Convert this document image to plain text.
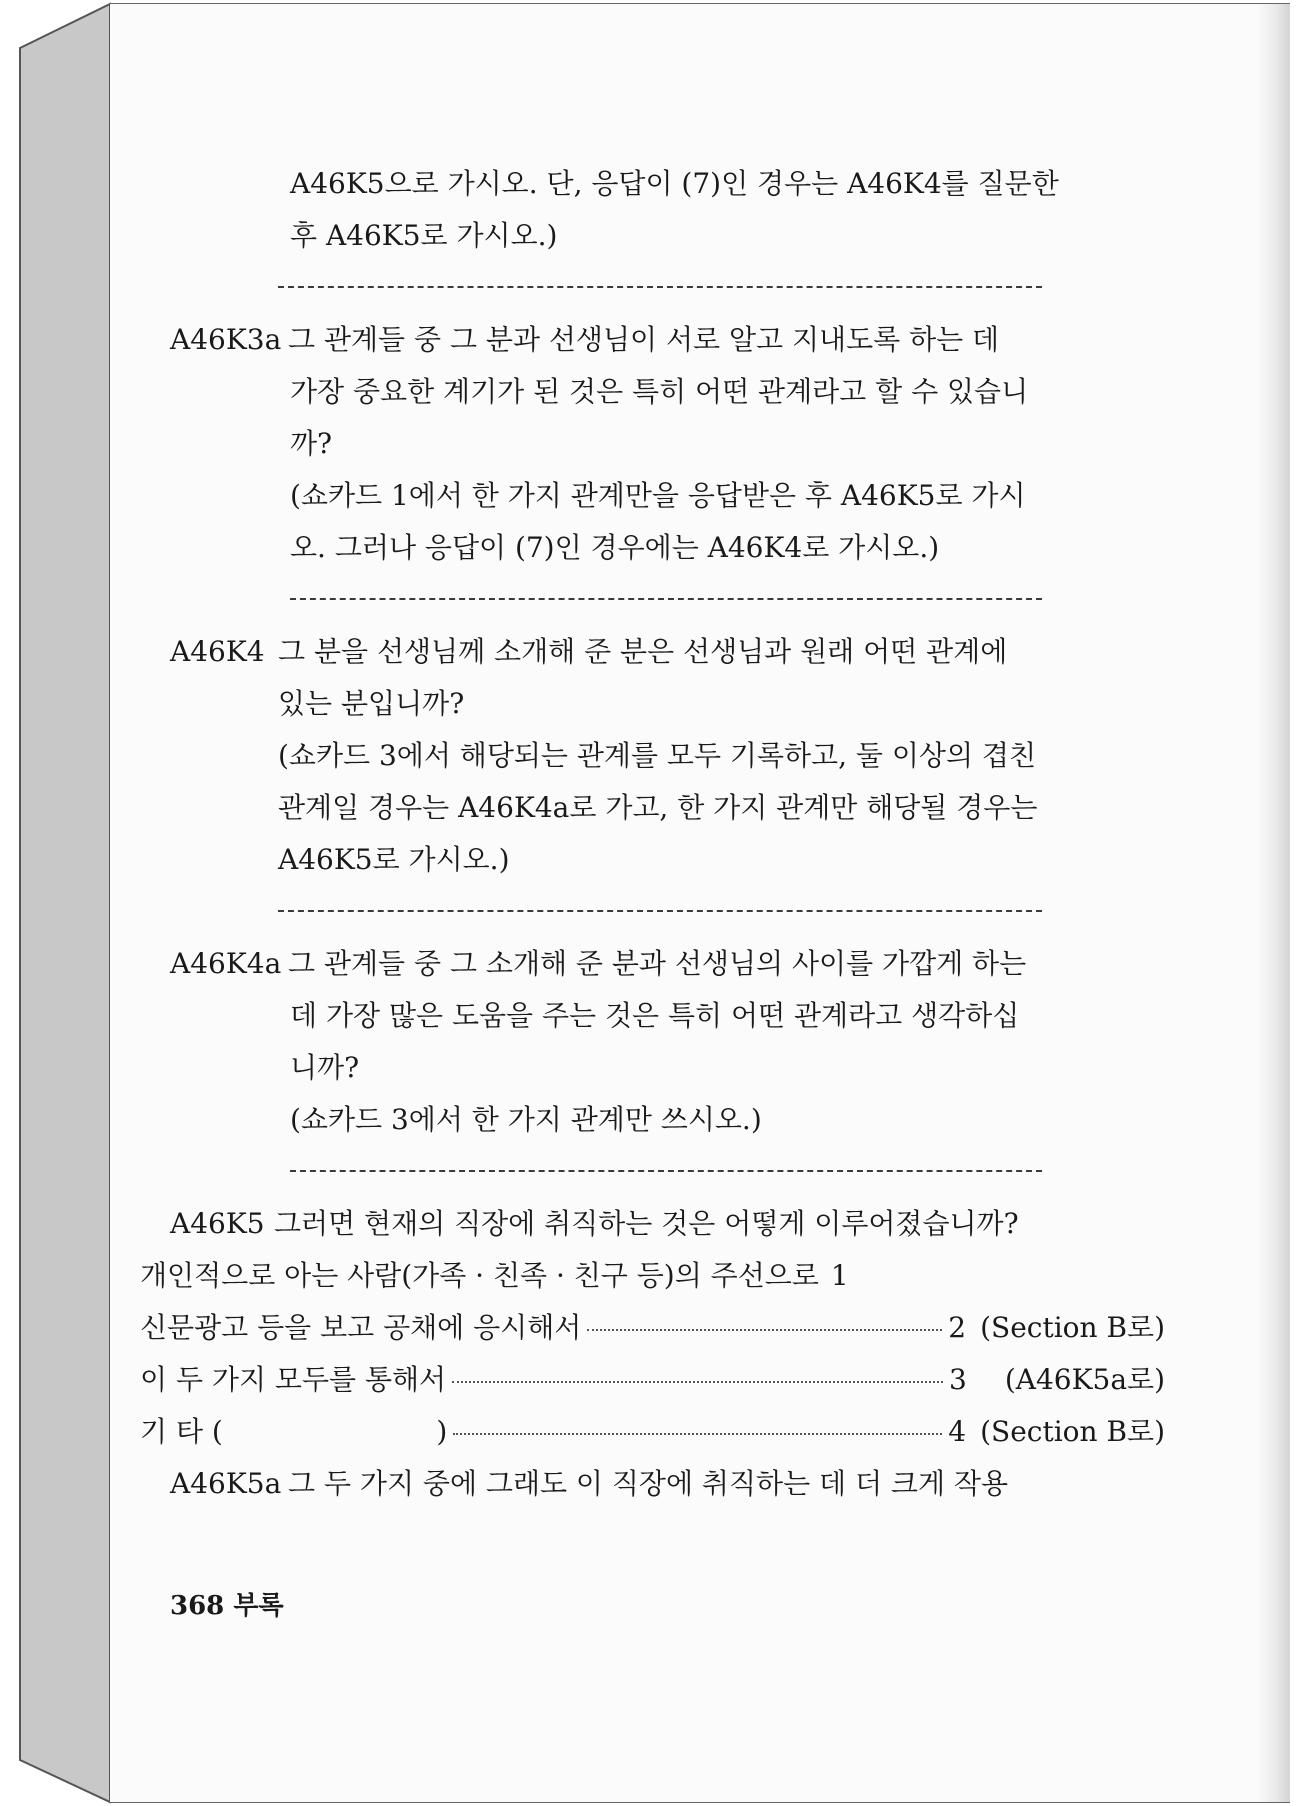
A46K5으로 가시오. 단, 응답이 (7)인 경우는 A46K4를 질문한
후 A46K5로 가시오.)
A46K3a 그 관계들 중 그 분과 선생님이 서로 알고 지내도록 하는 데
가장 중요한 계기가 된 것은 특히 어떤 관계라고 할 수 있습니
까?
(쇼카드 1에서 한 가지 관계만을 응답받은 후 A46K5로 가시
오. 그러나 응답이 (7)인 경우에는 A46K4로 가시오.)
A46K4 그 분을 선생님께 소개해 준 분은 선생님과 원래 어떤 관계에
있는 분입니까?
(쇼카드 3에서 해당되는 관계를 모두 기록하고, 둘 이상의 겹친
관계일 경우는 A46K4a로 가고, 한 가지 관계만 해당될 경우는
A46K5로 가시오.)
A46K4a 그 관계들 중 그 소개해 준 분과 선생님의 사이를 가깝게 하는
데 가장 많은 도움을 주는 것은 특히 어떤 관계라고 생각하십
니까?
(쇼카드 3에서 한 가지 관계만 쓰시오.)
A46K5 그러면 현재의 직장에 취직하는 것은 어떻게 이루어졌습니까?
개인적으로 아는 사람(가족 · 친족 · 친구 등)의 주선으로 1
신문광고 등을 보고 공채에 응시해서	2 (Section B로)
이 두 가지 모두를 통해서	3 (A46K5a로)
기 타 (                        )	4 (Section B로)
A46K5a 그 두 가지 중에 그래도 이 직장에 취직하는 데 더 크게 작용
368 부록
